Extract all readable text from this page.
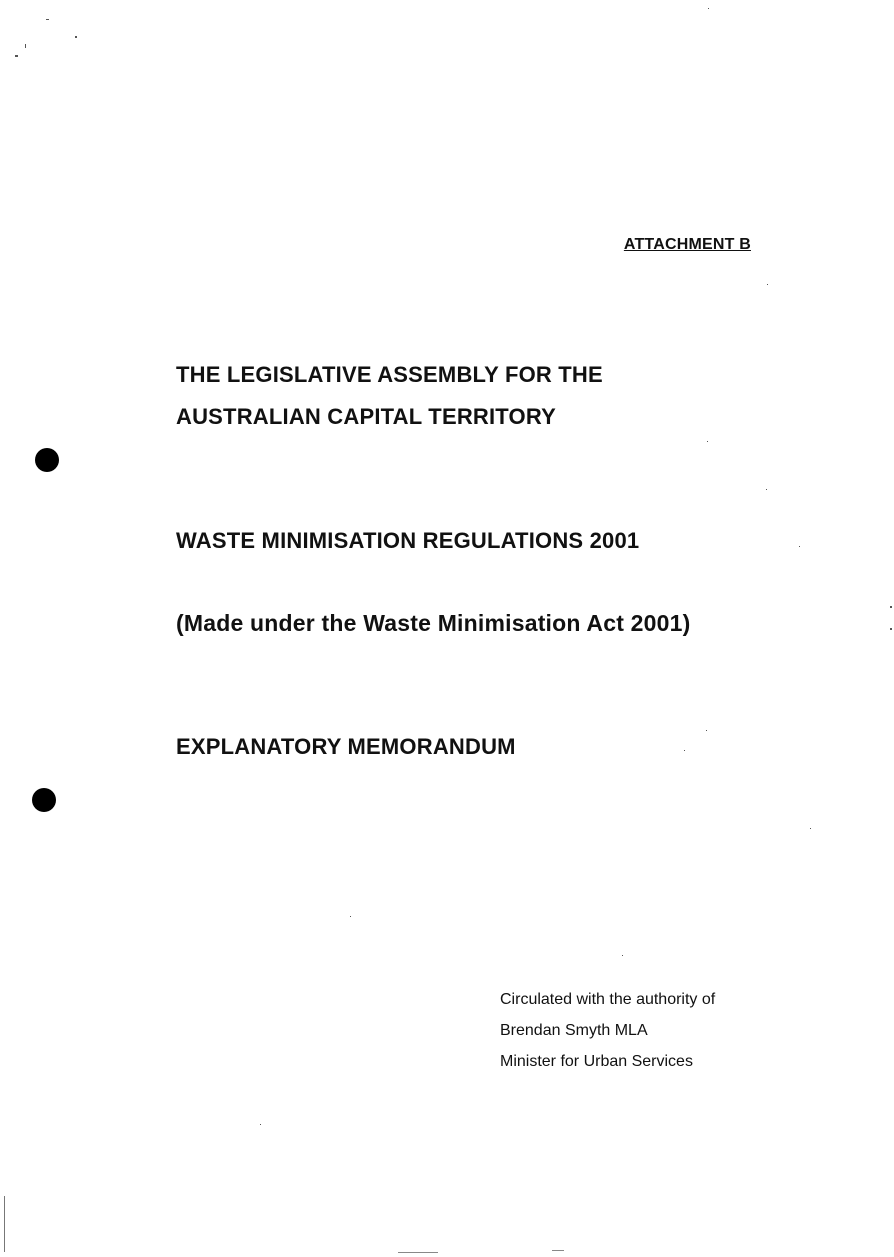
ATTACHMENT B
THE LEGISLATIVE ASSEMBLY FOR THE
AUSTRALIAN CAPITAL TERRITORY
WASTE MINIMISATION REGULATIONS 2001
(Made under the Waste Minimisation Act 2001)
EXPLANATORY MEMORANDUM
Circulated with the authority of
Brendan Smyth MLA
Minister for Urban Services
